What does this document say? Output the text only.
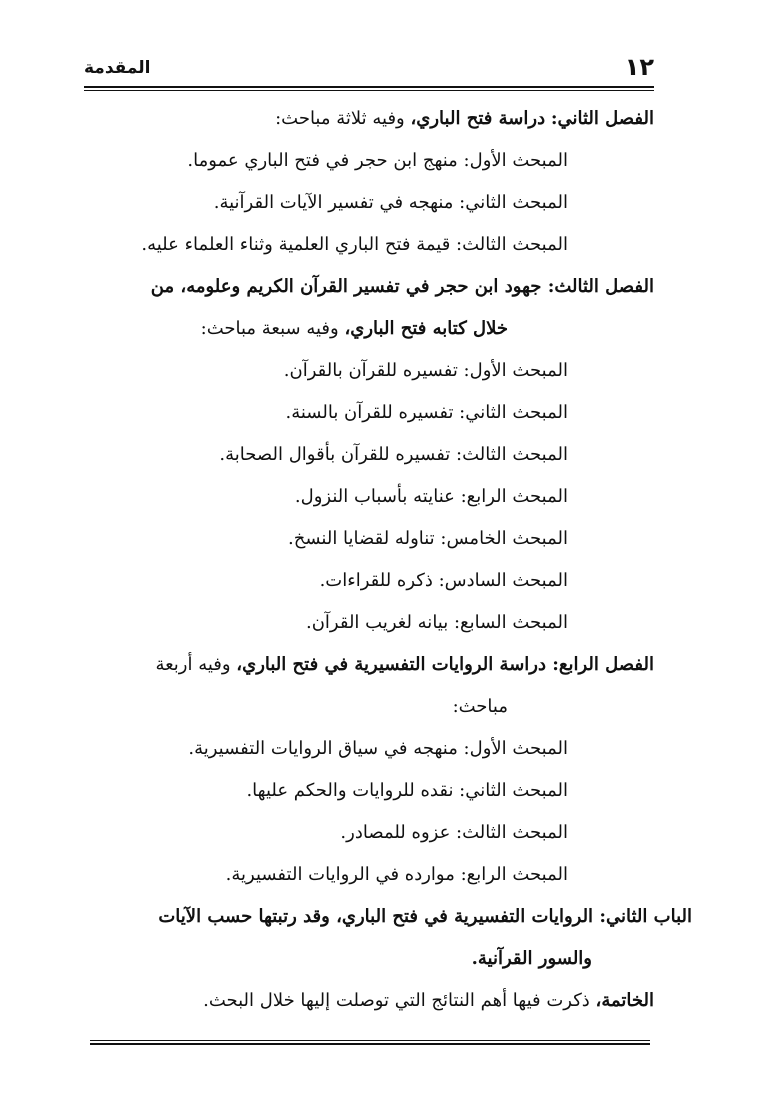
١٢
المقدمة
الفصل الثاني: دراسة فتح الباري، وفيه ثلاثة مباحث:
المبحث الأول: منهج ابن حجر في فتح الباري عموما.
المبحث الثاني: منهجه في تفسير الآيات القرآنية.
المبحث الثالث: قيمة فتح الباري العلمية وثناء العلماء عليه.
الفصل الثالث: جهود ابن حجر في تفسير القرآن الكريم وعلومه، من
خلال كتابه فتح الباري، وفيه سبعة مباحث:
المبحث الأول: تفسيره للقرآن بالقرآن.
المبحث الثاني: تفسيره للقرآن بالسنة.
المبحث الثالث: تفسيره للقرآن بأقوال الصحابة.
المبحث الرابع: عنايته بأسباب النزول.
المبحث الخامس: تناوله لقضايا النسخ.
المبحث السادس: ذكره للقراءات.
المبحث السابع: بيانه لغريب القرآن.
الفصل الرابع: دراسة الروايات التفسيرية في فتح الباري، وفيه أربعة
مباحث:
المبحث الأول: منهجه في سياق الروايات التفسيرية.
المبحث الثاني: نقده للروايات والحكم عليها.
المبحث الثالث: عزوه للمصادر.
المبحث الرابع: موارده في الروايات التفسيرية.
الباب الثاني: الروايات التفسيرية في فتح الباري، وقد رتبتها حسب الآيات
والسور القرآنية.
الخاتمة، ذكرت فيها أهم النتائج التي توصلت إليها خلال البحث.
